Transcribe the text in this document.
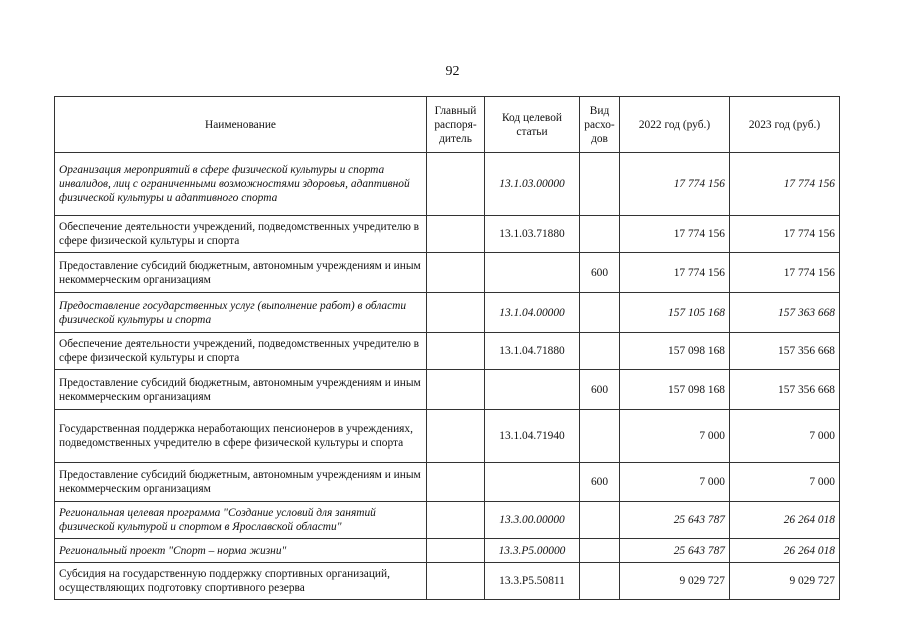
92
Наименование	Главный распоря-дитель	Код целевой статьи	Вид расхо-дов	2022 год (руб.)	2023 год (руб.)
Организация мероприятий в сфере физической культуры и спорта инвалидов, лиц с ограниченными возможностями здоровья, адаптивной физической культуры и адаптивного спорта		13.1.03.00000		17 774 156	17 774 156
Обеспечение деятельности учреждений, подведомственных учредителю в сфере физической культуры и спорта		13.1.03.71880		17 774 156	17 774 156
Предоставление субсидий бюджетным, автономным учреждениям и иным некоммерческим организациям			600	17 774 156	17 774 156
Предоставление государственных услуг (выполнение работ) в области физической культуры и спорта		13.1.04.00000		157 105 168	157 363 668
Обеспечение деятельности учреждений, подведомственных учредителю в сфере физической культуры и спорта		13.1.04.71880		157 098 168	157 356 668
Предоставление субсидий бюджетным, автономным учреждениям и иным некоммерческим организациям			600	157 098 168	157 356 668
Государственная поддержка неработающих пенсионеров в учреждениях, подведомственных учредителю в сфере физической культуры и спорта		13.1.04.71940		7 000	7 000
Предоставление субсидий бюджетным, автономным учреждениям и иным некоммерческим организациям			600	7 000	7 000
Региональная целевая программа "Создание условий для занятий физической культурой и спортом в Ярославской области"		13.3.00.00000		25 643 787	26 264 018
Региональный проект "Спорт – норма жизни"		13.3.P5.00000		25 643 787	26 264 018
Субсидия на государственную поддержку спортивных организаций, осуществляющих подготовку спортивного резерва		13.3.P5.50811		9 029 727	9 029 727
